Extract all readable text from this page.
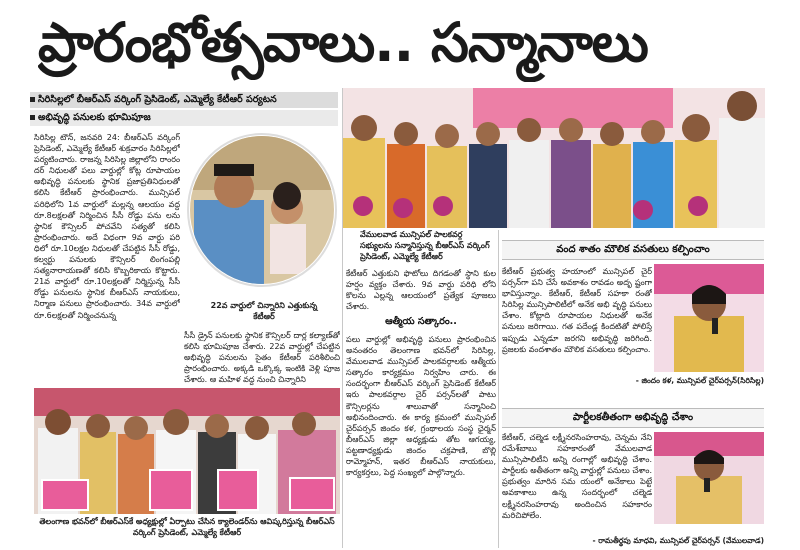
ప్రారంభోత్సవాలు.. సన్మానాలు
సిరిసిల్లలో బీఆర్ఎస్ వర్కింగ్ ప్రెసిడెంట్, ఎమ్మెల్యే కేటీఆర్ పర్యటన
అభివృద్ధి పనులకు భూమిపూజ
సిరిసిల్ల టౌన్, జనవరి 24: బీఆర్ఎస్ వర్కింగ్ ప్రెసిడెంట్, ఎమ్మెల్యే కేటీఆర్ శుక్రవారం సిరిసిల్లలో పర్యటించారు. రాజన్న సిరిసిల్ల జిల్లాలోని రాంరం దర్ నిధులతో పలు వార్డుల్లో కోట్ల రూపాయల అభివృద్ధి పనులకు స్థానిక ప్రజాప్రతినిధులతో కలిసి కేటీఆర్ ప్రారంభించారు. మున్సిపల్ పరిధిలోని 1వ వార్డులో మల్లన్న ఆలయం వద్ద రూ.8లక్షలతో నిర్మించిన సీసీ రోడ్డు పను లను స్థానిక కౌన్సిలర్ పోచవేని సత్యతో కలిసి ప్రారంభించారు. అదే విధంగా 9వ వార్డు పరి ధిలో రూ.10లక్షల నిధులతో చేపట్టిన సీసీ రోడ్డు, కల్వర్టు పనులకు కౌన్సిలర్ లింగంపల్లి సత్యనారాయణతో కలిసి కొబ్బరికాయ కొట్టారు. 21వ వార్డులో రూ.10లక్షలతో నిర్మిస్తున్న సీసీ రోడ్డు పనులను స్థానిక బీఆర్ఎస్ నాయకులు, నిర్మాణ పనులు ప్రారంభించారు. 34వ వార్డులో రూ.6లక్షలతో నిర్మించనున్న
22వ వార్డులో చిన్నారిని ఎత్తుకున్న కేటీఆర్
సీసీ డ్రైన్ పనులకు స్థానిక కౌన్సిలర్ దార్ల కల్యాణ్‌తో కలిసి భూమిపూజ చేశారు. 22వ వార్డుల్లో చేపట్టిన అభివృద్ధి పనులను సైతం కేటీఆర్ పరిశీలించి ప్రారంభించారు. అక్కడి ఒక్కొక్క ఇంటికి వెళ్లి పూజ చేశారు. ఆ మహిళ వద్ద నుంచి చిన్నారిని
వేములవాడ మున్సిపల్ పాలకవర్గ సభ్యులను సన్మానిస్తున్న బీఆర్ఎస్ వర్కింగ్ ప్రెసిడెంట్, ఎమ్మెల్యే కేటీఆర్
కేటీఆర్ ఎత్తుకుని ఫొటోలు దిగడంతో స్థాని కుల హర్షం వ్యక్తం చేశారు. 9వ వార్డు పరిధి లోని కొలను ఎల్లన్న ఆలయంలో ప్రత్యేక పూజలు చేశారు.
ఆత్మీయ సత్కారం..
పలు వార్డుల్లో అభివృద్ధి పనులు ప్రారంభించిన అనంతరం తెలంగాణ భవన్‌లో సిరిసిల్ల, వేములవాడ మున్సిపల్ పాలకవర్గాలకు ఆత్మీయ సత్కారం కార్యక్రమం నిర్వహిం చారు. ఈ సందర్భంగా బీఆర్ఎస్ వర్కింగ్ ప్రెసిడెంట్ కేటీఆర్ ఇరు పాలకవర్గాల చైర్ పర్సన్‌లతో పాటు కౌన్సిలర్లను శాలువాతో సన్మానించి అభినందించారు. ఈ కార్య క్రమంలో మున్సిపల్ చైర్‌పర్సన్ జిందం కళ, గ్రంథాలయ సంస్థ ఛైర్మన్ బీఆర్ఎస్ జిల్లా అధ్యక్షుడు తోట ఆగయ్య, పట్టణాధ్యక్షుడు జిందం చక్రపాణి, బొల్లి రామ్మోహన్, ఇతర బీఆర్ఎస్ నాయకులు, కార్యకర్తలు, పెద్ద సంఖ్యలో పాల్గొన్నారు.
తెలంగాణ భవన్‌లో బీఆర్ఎస్‌కే అధ్యక్షుల్లో ఏర్పాటు చేసిన క్యాలెండర్‌ను ఆవిష్కరిస్తున్న బీఆర్ఎస్ వర్కింగ్ ప్రెసిడెంట్, ఎమ్మెల్యే కేటీఆర్
వంద శాతం మౌలిక వసతులు కల్పించాం
కేటీఆర్ ప్రభుత్వ హయాంలో మున్సిపల్ చైర్ పర్సన్‌గా పని చేసే అవకాశం రావడం అదృ ష్టంగా భావిస్తున్నాం. కేటీఆర్, కేటీఆర్ సహకా రంతో సిరిసిల్ల మున్సిపాలిటీలో అనేక అభి వృద్ధి పనులు చేశాం. కోట్లాది రూపాయల నిధులతో అనేక పనులు జరిగాయి. గత పదేండ్ల కిందటితో పోలిస్తే ఇప్పుడు ఎన్నడూ జరగని అభివృద్ధి జరిగింది. ప్రజలకు వందశాతం మౌలిక వసతులు కల్పించాం.
- జిందం కళ, మున్సిపల్ చైర్‌పర్సన్(సిరిసిల్ల)
పార్టీలకతీతంగా అభివృద్ధి చేశాం
కేటీఆర్, చల్మెడ లక్ష్మీనరసింహరావు, చెన్నమ నేని రమేశ్‌బాబు సహకారంతో వేములవాడ మున్సిపాలిటీని అన్ని రంగాల్లో అభివృద్ధి చేశాం. పార్టీలకు అతీతంగా అన్ని వార్డుల్లో పనులు చేశాం. ప్రభుత్వం మారిన సమ యంలో అనేకాలు పెట్టే అవకాశాలు ఉన్న సందర్భంలో చల్మెడ లక్ష్మీనరసింహరావు అందించిన సహకారం మరిచిపోలేం.
- రామతీర్థపు మాధవి, మున్సిపల్ చైర్‌పర్సన్ (వేములవాడ)
